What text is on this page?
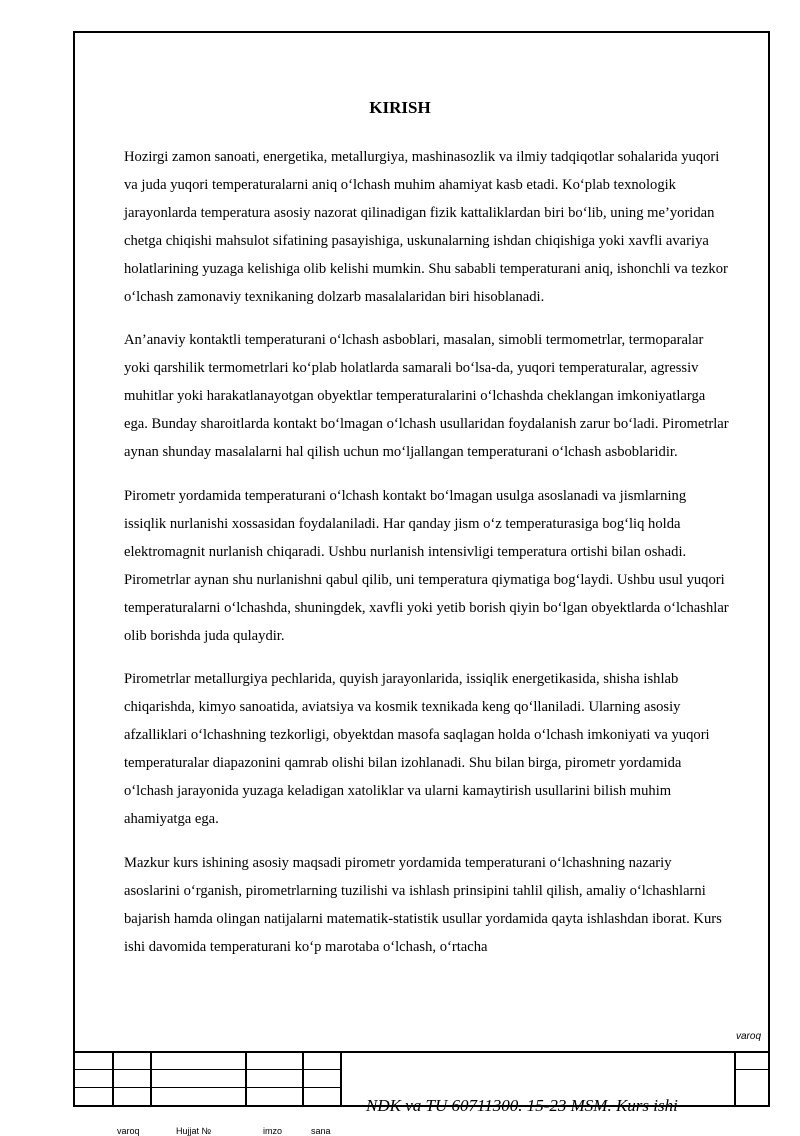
KIRISH

Hozirgi zamon sanoati, energetika, metallurgiya, mashinasozlik va ilmiy tadqiqotlar sohalarida yuqori va juda yuqori temperaturalarni aniq o‘lchash muhim ahamiyat kasb etadi. Ko‘plab texnologik jarayonlarda temperatura asosiy nazorat qilinadigan fizik kattaliklardan biri bo‘lib, uning me’yoridan chetga chiqishi mahsulot sifatining pasayishiga, uskunalarning ishdan chiqishiga yoki xavfli avariya holatlarining yuzaga kelishiga olib kelishi mumkin. Shu sababli temperaturani aniq, ishonchli va tezkor o‘lchash zamonaviy texnikaning dolzarb masalalaridan biri hisoblanadi.

An’anaviy kontaktli temperaturani o‘lchash asboblari, masalan, simobli termometrlar, termoparalar yoki qarshilik termometrlari ko‘plab holatlarda samarali bo‘lsa-da, yuqori temperaturalar, agressiv muhitlar yoki harakatlanayotgan obyektlar temperaturalarini o‘lchashda cheklangan imkoniyatlarga ega. Bunday sharoitlarda kontakt bo‘lmagan o‘lchash usullaridan foydalanish zarur bo‘ladi. Pirometrlar aynan shunday masalalarni hal qilish uchun mo‘ljallangan temperaturani o‘lchash asboblaridir.

Pirometr yordamida temperaturani o‘lchash kontakt bo‘lmagan usulga asoslanadi va jismlarning issiqlik nurlanishi xossasidan foydalaniladi. Har qanday jism o‘z temperaturasiga bog‘liq holda elektromagnit nurlanish chiqaradi. Ushbu nurlanish intensivligi temperatura ortishi bilan oshadi. Pirometrlar aynan shu nurlanishni qabul qilib, uni temperatura qiymatiga bog‘laydi. Ushbu usul yuqori temperaturalarni o‘lchashda, shuningdek, xavfli yoki yetib borish qiyin bo‘lgan obyektlarda o‘lchashlar olib borishda juda qulaydir.

Pirometrlar metallurgiya pechlarida, quyish jarayonlarida, issiqlik energetikasida, shisha ishlab chiqarishda, kimyo sanoatida, aviatsiya va kosmik texnikada keng qo‘llaniladi. Ularning asosiy afzalliklari o‘lchashning tezkorligi, obyektdan masofa saqlagan holda o‘lchash imkoniyati va yuqori temperaturalar diapazonini qamrab olishi bilan izohlanadi. Shu bilan birga, pirometr yordamida o‘lchash jarayonida yuzaga keladigan xatoliklar va ularni kamaytirish usullarini bilish muhim ahamiyatga ega.

Mazkur kurs ishining asosiy maqsadi pirometr yordamida temperaturani o‘lchashning nazariy asoslarini o‘rganish, pirometrlarning tuzilishi va ishlash prinsipini tahlil qilish, amaliy o‘lchashlarni bajarish hamda olingan natijalarni matematik-statistik usullar yordamida qayta ishlashdan iborat. Kurs ishi davomida temperaturani ko‘p marotaba o‘lchash, o‘rtacha

varoq
NDK va TU 60711300. 15-23 MSM. Kurs ishi
varoq	Hujjat №	imzo	sana
